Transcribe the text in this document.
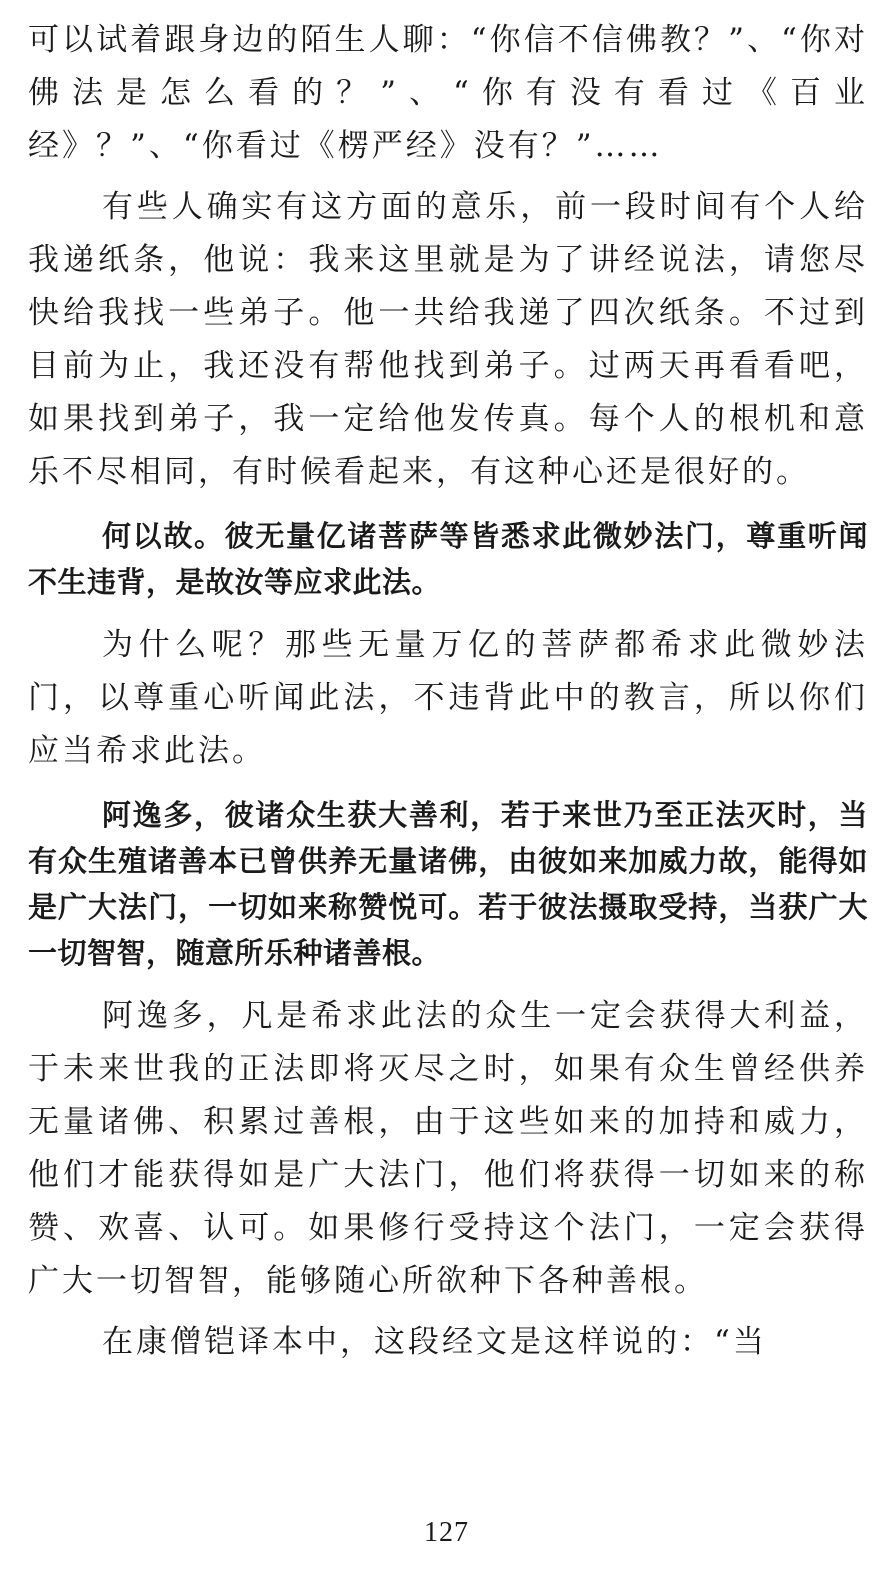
可以试着跟身边的陌生人聊：“你信不信佛教？”、“你对佛法是怎么看的？”、“你有没有看过《百业经》？”、“你看过《楞严经》没有？”……

有些人确实有这方面的意乐，前一段时间有个人给我递纸条，他说：我来这里就是为了讲经说法，请您尽快给我找一些弟子。他一共给我递了四次纸条。不过到目前为止，我还没有帮他找到弟子。过两天再看看吧，如果找到弟子，我一定给他发传真。每个人的根机和意乐不尽相同，有时候看起来，有这种心还是很好的。

何以故。彼无量亿诸菩萨等皆悉求此微妙法门，尊重听闻不生违背，是故汝等应求此法。

为什么呢？那些无量万亿的菩萨都希求此微妙法门，以尊重心听闻此法，不违背此中的教言，所以你们应当希求此法。

阿逸多，彼诸众生获大善利，若于来世乃至正法灭时，当有众生殖诸善本已曾供养无量诸佛，由彼如来加威力故，能得如是广大法门，一切如来称赞悦可。若于彼法摄取受持，当获广大一切智智，随意所乐种诸善根。

阿逸多，凡是希求此法的众生一定会获得大利益，于未来世我的正法即将灭尽之时，如果有众生曾经供养无量诸佛、积累过善根，由于这些如来的加持和威力，他们才能获得如是广大法门，他们将获得一切如来的称赞、欢喜、认可。如果修行受持这个法门，一定会获得广大一切智智，能够随心所欲种下各种善根。

在康僧铠译本中，这段经文是这样说的：“当

127
